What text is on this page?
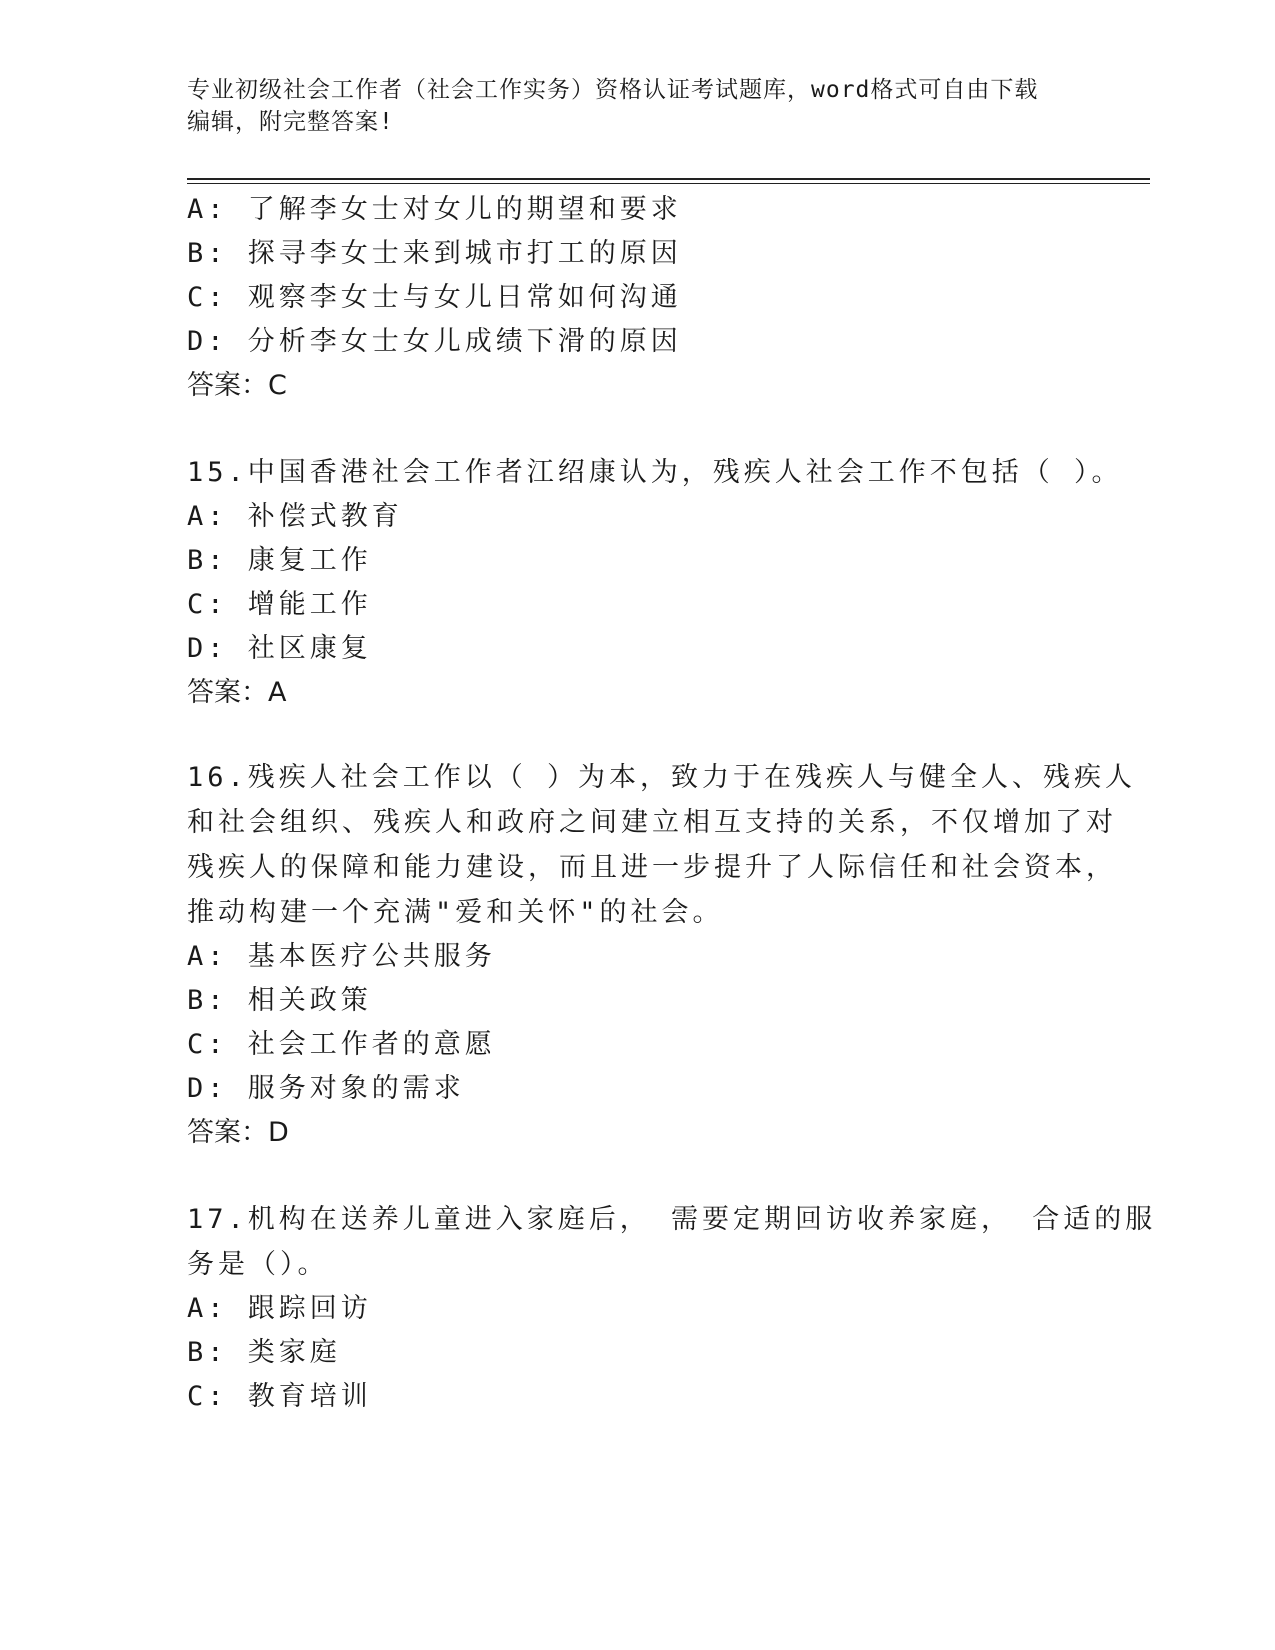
专业初级社会工作者（社会工作实务）资格认证考试题库，word格式可自由下载
编辑，附完整答案!
A: 了解李女士对女儿的期望和要求
B: 探寻李女士来到城市打工的原因
C: 观察李女士与女儿日常如何沟通
D: 分析李女士女儿成绩下滑的原因
答案：C
15.中国香港社会工作者江绍康认为，残疾人社会工作不包括（ ）。
A: 补偿式教育
B: 康复工作
C: 增能工作
D: 社区康复
答案：A
16.残疾人社会工作以（ ）为本，致力于在残疾人与健全人、残疾人
和社会组织、残疾人和政府之间建立相互支持的关系，不仅增加了对
残疾人的保障和能力建设，而且进一步提升了人际信任和社会资本，
推动构建一个充满"爱和关怀"的社会。
A: 基本医疗公共服务
B: 相关政策
C: 社会工作者的意愿
D: 服务对象的需求
答案：D
17.机构在送养儿童进入家庭后， 需要定期回访收养家庭， 合适的服
务是（）。
A: 跟踪回访
B: 类家庭
C: 教育培训
